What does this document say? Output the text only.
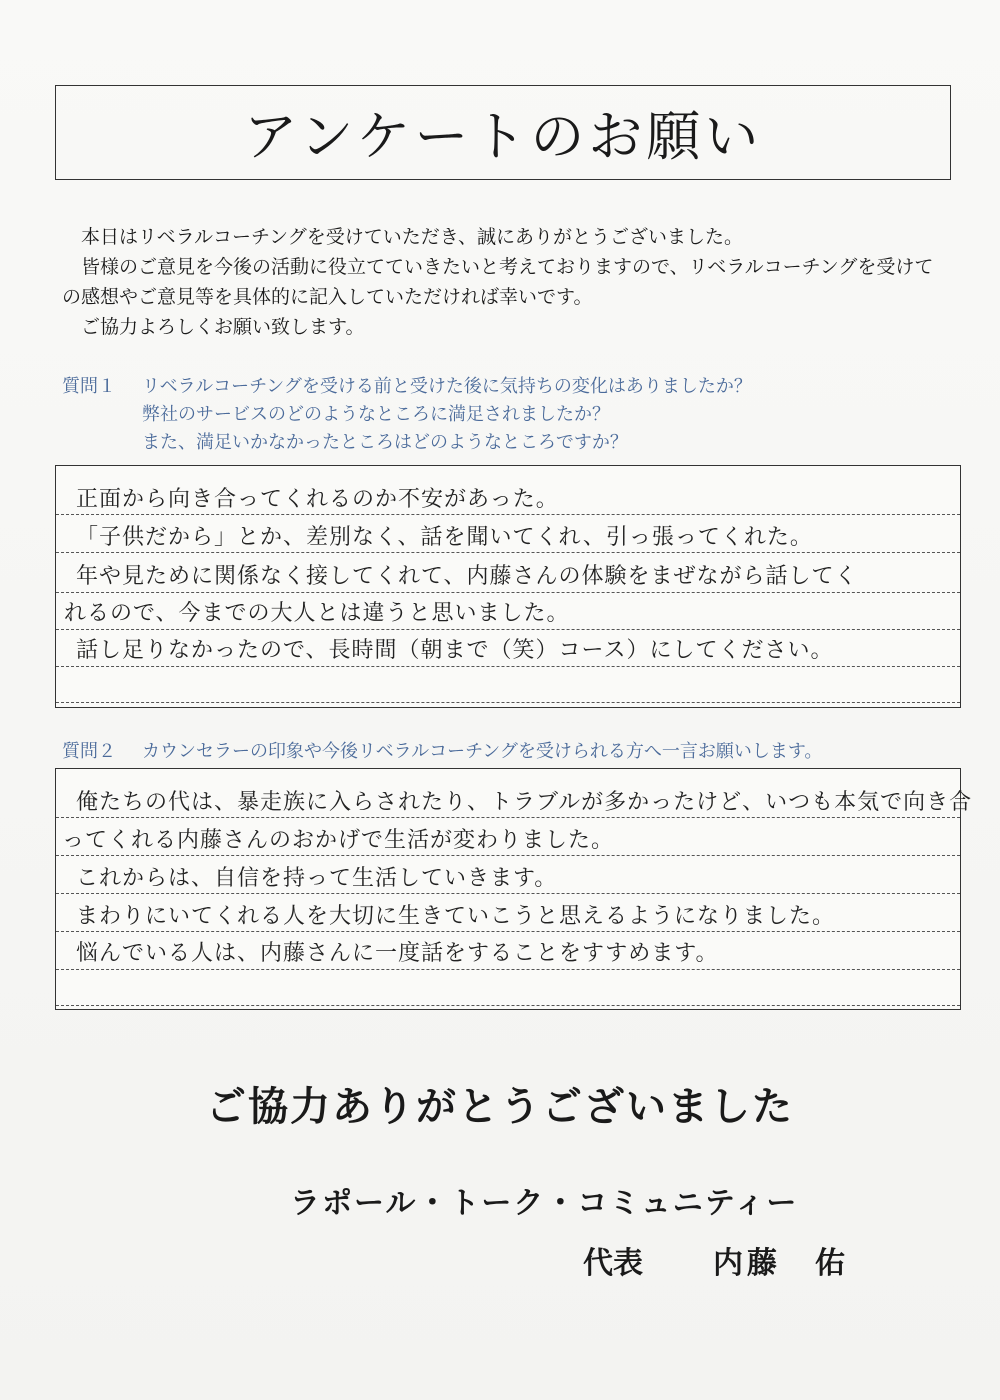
アンケートのお願い

本日はリベラルコーチングを受けていただき、誠にありがとうございました。

皆様のご意見を今後の活動に役立てていきたいと考えておりますので、リベラルコーチングを受けての感想やご意見等を具体的に記入していただければ幸いです。

ご協力よろしくお願い致します。

質問１ リベラルコーチングを受ける前と受けた後に気持ちの変化はありましたか？
弊社のサービスのどのようなところに満足されましたか？
また、満足いかなかったところはどのようなところですか？
正面から向き合ってくれるのか不安があった。
「子供だから」とか、差別なく、話を聞いてくれ、引っ張ってくれた。
年や見ために関係なく接してくれて、内藤さんの体験をまぜながら話してく
れるので、今までの大人とは違うと思いました。
話し足りなかったので、長時間（朝まで（笑）コース）にしてください。
質問２ カウンセラーの印象や今後リベラルコーチングを受けられる方へ一言お願いします。
俺たちの代は、暴走族に入らされたり、トラブルが多かったけど、いつも本気で向き合
ってくれる内藤さんのおかげで生活が変わりました。
これからは、自信を持って生活していきます。
まわりにいてくれる人を大切に生きていこうと思えるようになりました。
悩んでいる人は、内藤さんに一度話をすることをすすめます。
ご協力ありがとうございました
ラポール・トーク・コミュニティー
代表 内藤　佑
